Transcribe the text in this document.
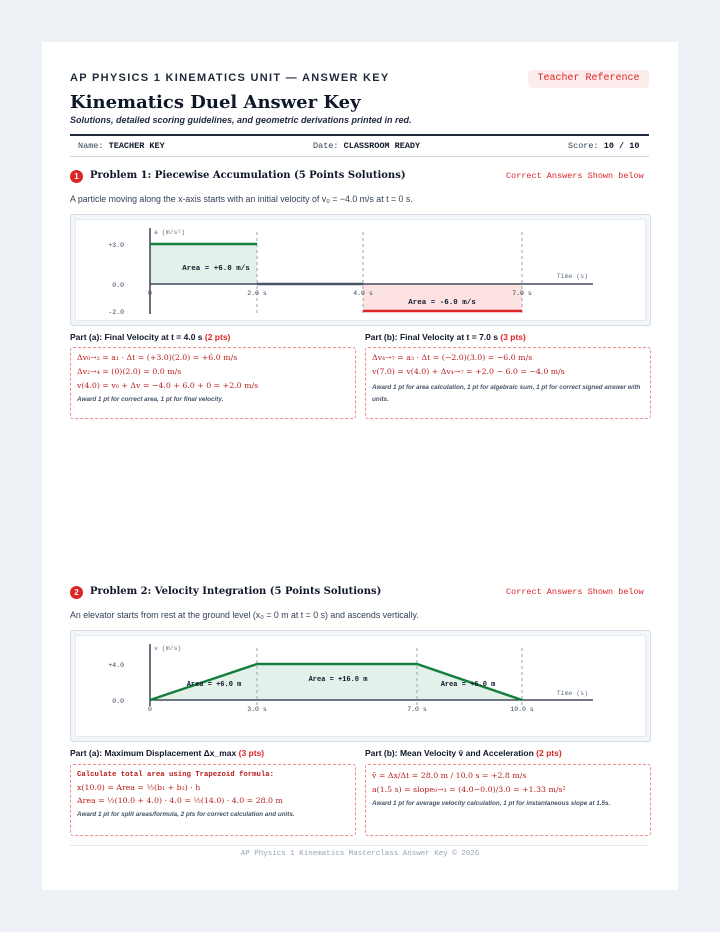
AP PHYSICS 1 KINEMATICS UNIT — ANSWER KEY	Teacher Reference
Kinematics Duel Answer Key
Solutions, detailed scoring guidelines, and geometric derivations printed in red.
Name: TEACHER KEY	Date: CLASSROOM READY	Score: 10 / 10
1	Problem 1: Piecewise Accumulation (5 Points Solutions)	Correct Answers Shown below
A particle moving along the x-axis starts with an initial velocity of v₀ = −4.0 m/s at t = 0 s.
a (m/s²)
Time (s)
+3.0
0.0
-2.0
0	2.0 s	4.0 s	7.0 s
Area = +6.0 m/s
Area = -6.0 m/s
Part (a): Final Velocity at t = 4.0 s (2 pts)
Δv₀→₂ = a₁ · Δt = (+3.0)(2.0) = +6.0 m/s
Δv₂→₄ = (0)(2.0) = 0.0 m/s
v(4.0) = v₀ + Δv = −4.0 + 6.0 + 0 = +2.0 m/s
Award 1 pt for correct area, 1 pt for final velocity.
Part (b): Final Velocity at t = 7.0 s (3 pts)
Δv₄→₇ = a₃ · Δt = (−2.0)(3.0) = −6.0 m/s
v(7.0) = v(4.0) + Δv₄→₇ = +2.0 − 6.0 = −4.0 m/s
Award 1 pt for area calculation, 1 pt for algebraic sum, 1 pt for correct signed answer with units.
2	Problem 2: Velocity Integration (5 Points Solutions)	Correct Answers Shown below
An elevator starts from rest at the ground level (x₀ = 0 m at t = 0 s) and ascends vertically.
v (m/s)
Time (s)
+4.0
0.0
0	3.0 s	7.0 s	10.0 s
Area = +6.0 m
Area = +16.0 m
Area = +6.0 m
Part (a): Maximum Displacement Δx_max (3 pts)
Calculate total area using Trapezoid formula:
x(10.0) = Area = ½(b₁ + b₂) · h
Area = ½(10.0 + 4.0) · 4.0 = ½(14.0) · 4.0 = 28.0 m
Award 1 pt for split areas/formula, 2 pts for correct calculation and units.
Part (b): Mean Velocity v̄ and Acceleration (2 pts)
v̄ = Δx/Δt = 28.0 m / 10.0 s = +2.8 m/s
a(1.5 s) = slope₀→₃ = (4.0−0.0)/3.0 = +1.33 m/s²
Award 1 pt for average velocity calculation, 1 pt for instantaneous slope at 1.5s.
AP Physics 1 Kinematics Masterclass Answer Key © 2026
